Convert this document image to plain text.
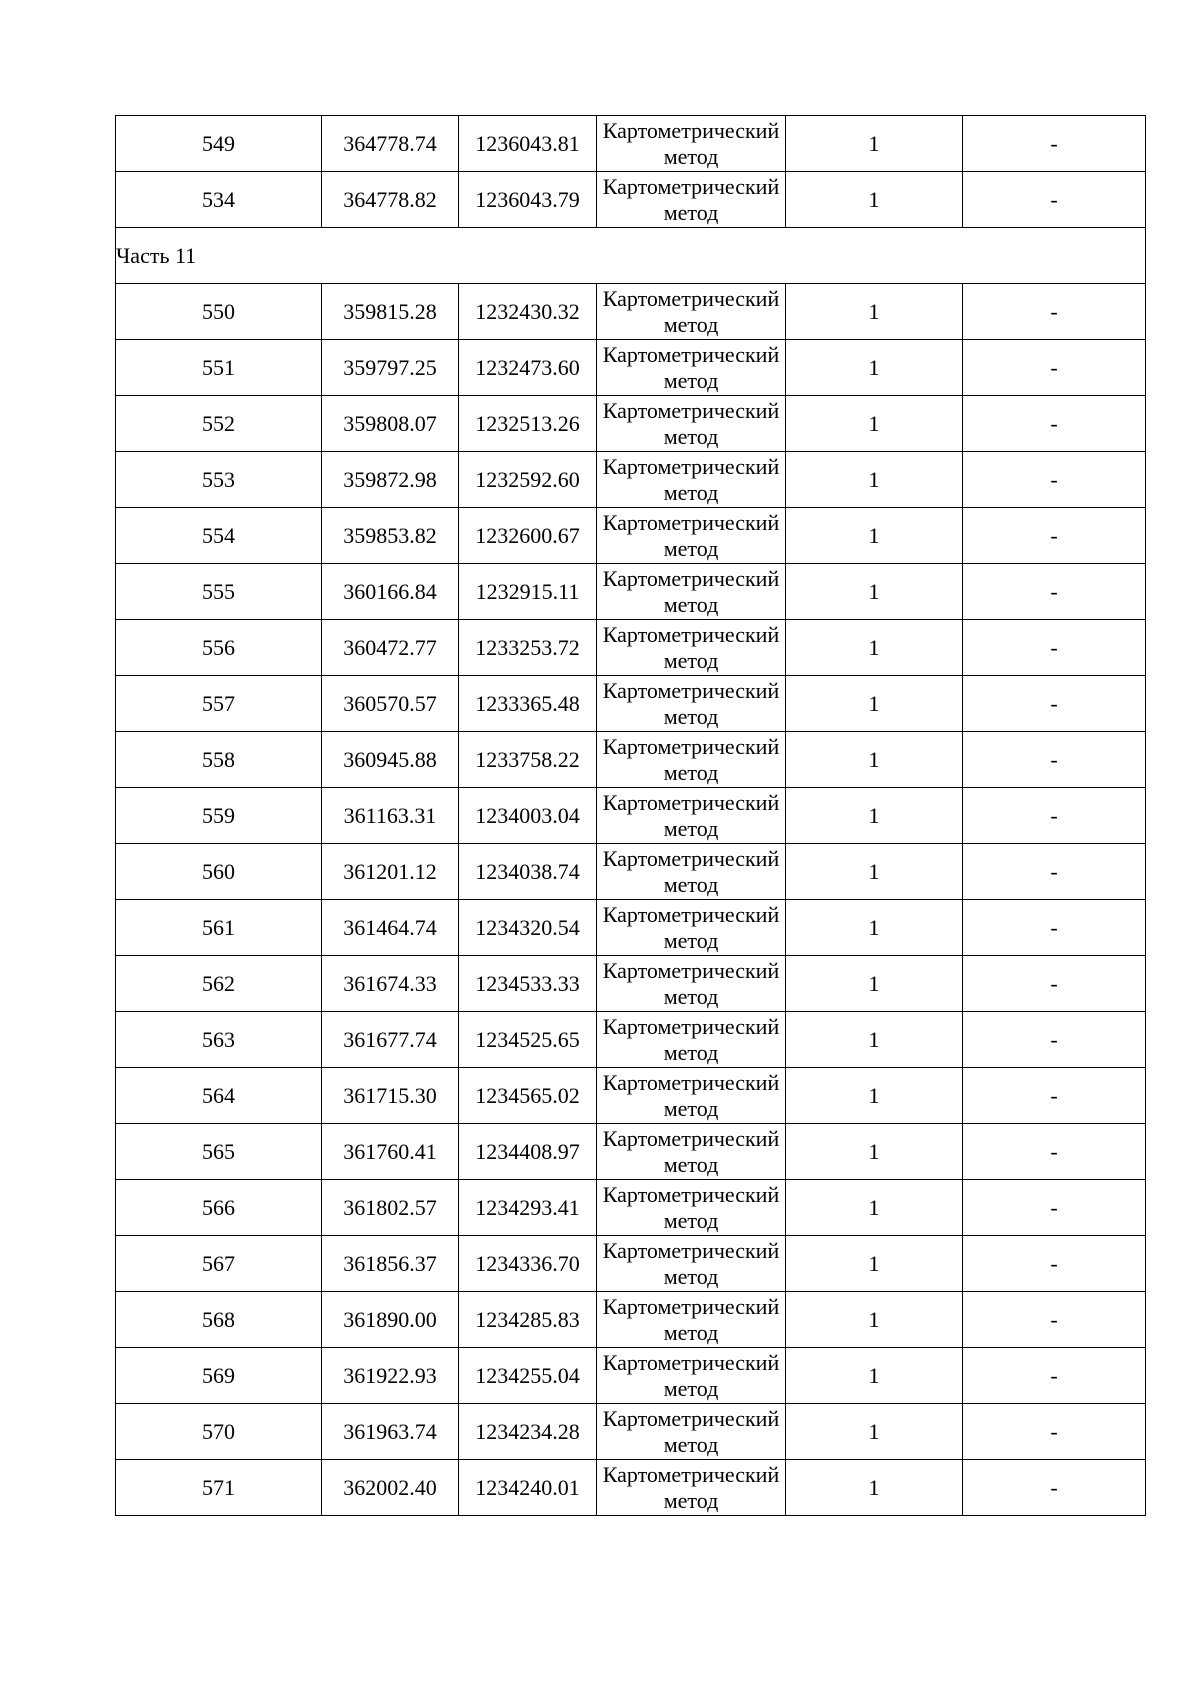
549	364778.74	1236043.81	Картометрический метод	1	-
534	364778.82	1236043.79	Картометрический метод	1	-
Часть 11					
550	359815.28	1232430.32	Картометрический метод	1	-
551	359797.25	1232473.60	Картометрический метод	1	-
552	359808.07	1232513.26	Картометрический метод	1	-
553	359872.98	1232592.60	Картометрический метод	1	-
554	359853.82	1232600.67	Картометрический метод	1	-
555	360166.84	1232915.11	Картометрический метод	1	-
556	360472.77	1233253.72	Картометрический метод	1	-
557	360570.57	1233365.48	Картометрический метод	1	-
558	360945.88	1233758.22	Картометрический метод	1	-
559	361163.31	1234003.04	Картометрический метод	1	-
560	361201.12	1234038.74	Картометрический метод	1	-
561	361464.74	1234320.54	Картометрический метод	1	-
562	361674.33	1234533.33	Картометрический метод	1	-
563	361677.74	1234525.65	Картометрический метод	1	-
564	361715.30	1234565.02	Картометрический метод	1	-
565	361760.41	1234408.97	Картометрический метод	1	-
566	361802.57	1234293.41	Картометрический метод	1	-
567	361856.37	1234336.70	Картометрический метод	1	-
568	361890.00	1234285.83	Картометрический метод	1	-
569	361922.93	1234255.04	Картометрический метод	1	-
570	361963.74	1234234.28	Картометрический метод	1	-
571	362002.40	1234240.01	Картометрический метод	1	-
